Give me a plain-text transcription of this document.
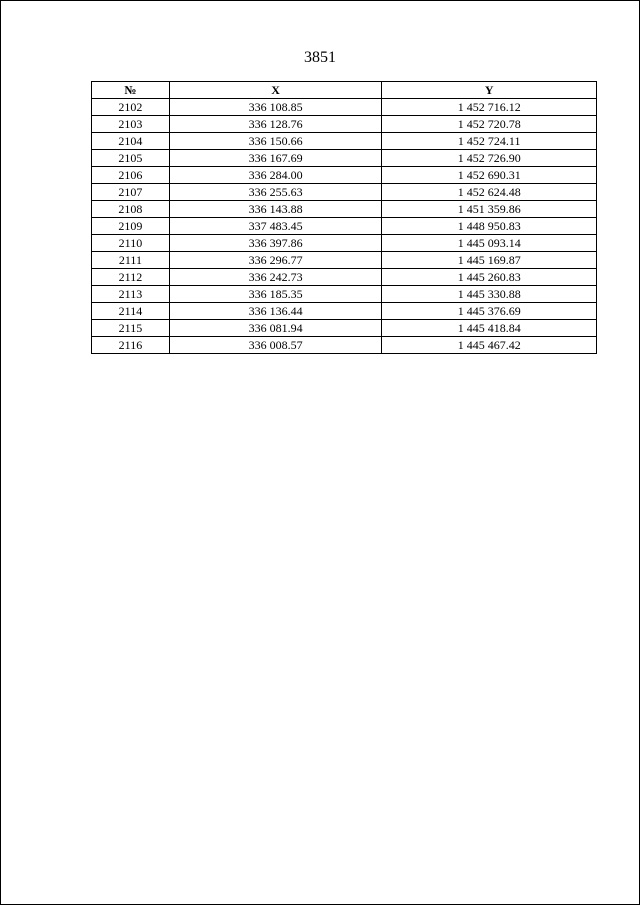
3851
№	X	Y
2102	336 108.85	1 452 716.12
2103	336 128.76	1 452 720.78
2104	336 150.66	1 452 724.11
2105	336 167.69	1 452 726.90
2106	336 284.00	1 452 690.31
2107	336 255.63	1 452 624.48
2108	336 143.88	1 451 359.86
2109	337 483.45	1 448 950.83
2110	336 397.86	1 445 093.14
2111	336 296.77	1 445 169.87
2112	336 242.73	1 445 260.83
2113	336 185.35	1 445 330.88
2114	336 136.44	1 445 376.69
2115	336 081.94	1 445 418.84
2116	336 008.57	1 445 467.42
